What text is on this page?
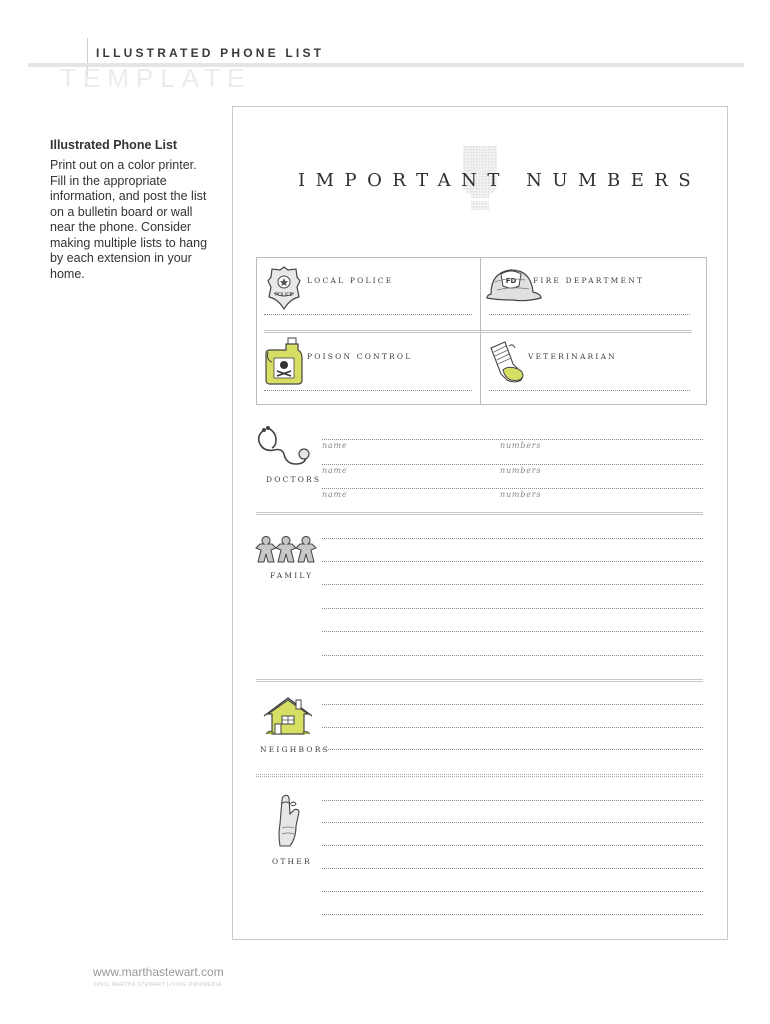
TEMPLATE
ILLUSTRATED PHONE LIST
Illustrated Phone List
Print out on a color printer. Fill in the appropriate information, and post the list on a bulletin board or wall near the phone. Consider making multiple lists to hang by each extension in your home.
IMPORTANT NUMBERS
POLICE
LOCAL POLICE	FD FIRE DEPARTMENT
POISON CONTROL	VETERINARIAN
DOCTORS
name	numbers
name	numbers
name	numbers
FAMILY
NEIGHBORS
OTHER
www.marthastewart.com
©2011 MARTHA STEWART LIVING OMNIMEDIA
